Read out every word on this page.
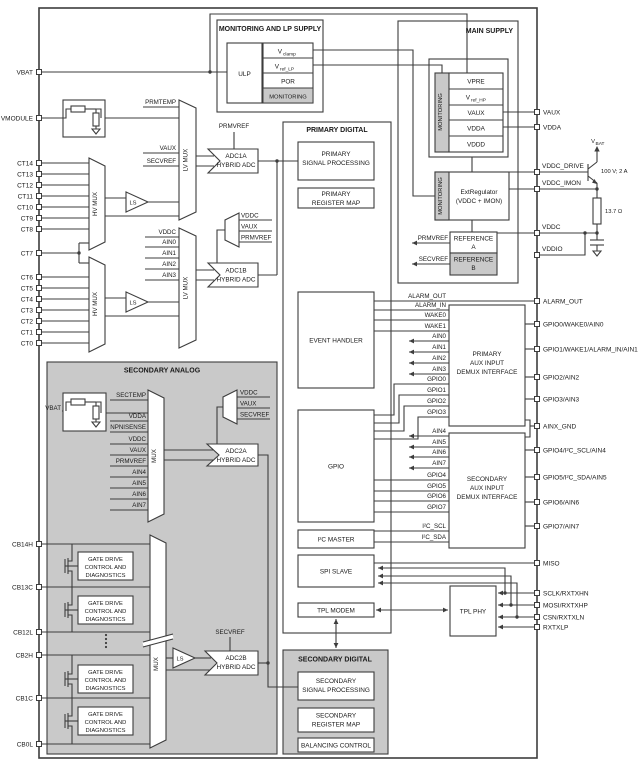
MONITORING AND LP SUPPLY
ULP
V clamp
V ref_LP
POR
MONITORING
MAIN SUPPLY
MONITORING
VPRE
V ref_HP
VAUX
VDDA
VDDD
MONITORING	ExtRegulator
(VDDC + IMON)
REFERENCE
A
REFERENCE
B
PRMVREF
SECVREF
PRMTEMP
VAUX
SECVREF LV MUX
LV MUX
HV MUX
HV MUX
LS
LS
VDDC
AIN0
AIN1
AIN2
AIN3
PRMVREF
ADC1A
HYBRID ADC
ADC1B
HYBRID ADC
VDDC
VAUX
PRMVREF
PRIMARY DIGITAL
PRIMARY
SIGNAL PROCESSING
PRIMARY
REGISTER MAP
EVENT HANDLER
GPIO
I²C MASTER
SPI SLAVE
TPL MODEM	TPL PHY
ALARM_OUT
ALARM_IN
WAKE0
WAKE1
AIN0
AIN1
AIN2
AIN3
GPIO0
GPIO1
GPIO2
GPIO3
AIN4
AIN5
AIN6
AIN7
GPIO4
GPIO5
GPIO6
GPIO7
I²C_SCL
I²C_SDA
PRIMARY
AUX INPUT
DEMUX INTERFACE
SECONDARY
AUX INPUT
DEMUX INTERFACE
SECONDARY DIGITAL
SECONDARY
SIGNAL PROCESSING
SECONDARY
REGISTER MAP
BALANCING CONTROL
SECONDARY ANALOG
VBAT
SECTEMP
VDDA
NPNISENSE
VDDC
VAUX
PRMVREF
AIN4
AIN5
AIN6
AIN7
MUX
VDDC
VAUX
SECVREF
ADC2A
HYBRID ADC
GATE DRIVE
CONTROL AND
DIAGNOSTICS
GATE DRIVE
CONTROL AND
DIAGNOSTICS
GATE DRIVE
CONTROL AND
DIAGNOSTICS
GATE DRIVE
CONTROL AND
DIAGNOSTICS
MUX	LS
SECVREF
ADC2B
HYBRID ADC
V BAT
100 V; 2 A
13.7 Ω
VBAT
VMODULE
CT14
CT13
CT12
CT11
CT10
CT9
CT8
CT7
CT6
CT5
CT4
CT3
CT2
CT1
CT0
CB14H
CB13C
CB12L
CB2H
CB1C
CB0L
VAUX
VDDA
VDDC_DRIVE
VDDC_IMON
VDDC
VDDIO
ALARM_OUT
GPIO0/WAKE0/AIN0
GPIO1/WAKE1/ALARM_IN/AIN1
GPIO2/AIN2
GPIO3/AIN3
AINX_GND
GPIO4/I²C_SCL/AIN4
GPIO5/I²C_SDA/AIN5
GPIO6/AIN6
GPIO7/AIN7
MISO
SCLK/RXTXHN
MOSI/RXTXHP
CSN/RXTXLN
RXTXLP
